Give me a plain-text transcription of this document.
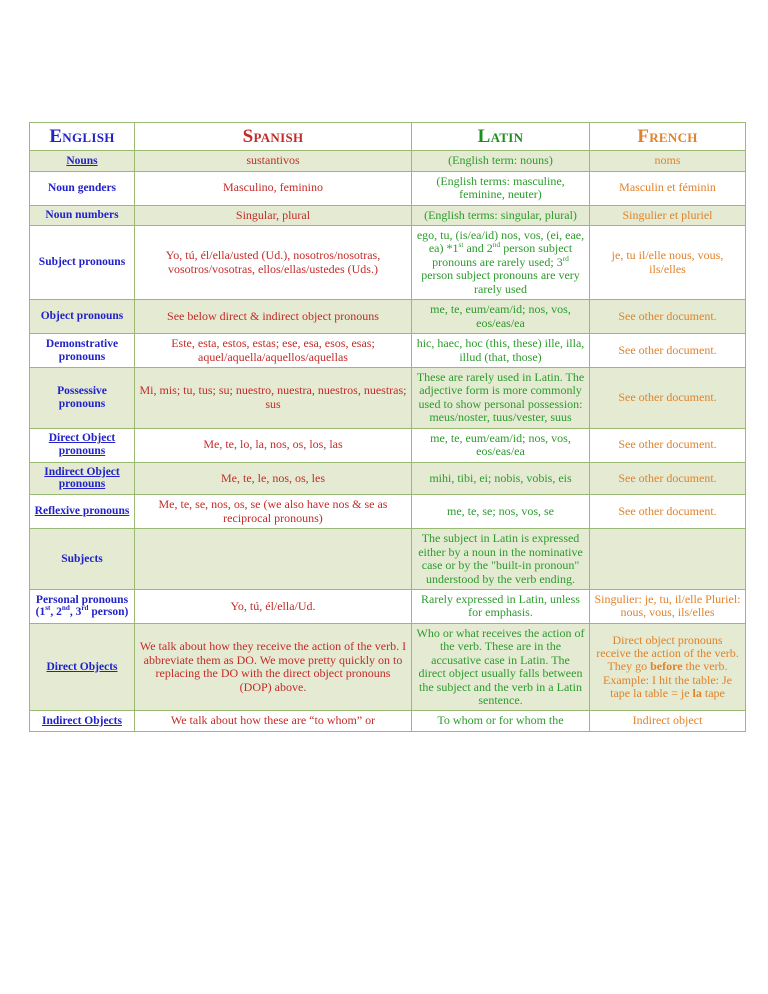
English	Spanish	Latin	French

Nouns	sustantivos	(English term: nouns)	noms

Noun genders	Masculino, feminino	(English terms: masculine, feminine, neuter)	Masculin et féminin

Noun numbers	Singular, plural	(English terms: singular, plural)	Singulier et pluriel

Subject pronouns	Yo, tú, él/ella/usted (Ud.), nosotros/nosotras, vosotros/vosotras, ellos/ellas/ustedes (Uds.)	ego, tu, (is/ea/id) nos, vos, (ei, eae, ea) *1st and 2nd person subject pronouns are rarely used; 3rd person subject pronouns are very rarely used	je, tu il/elle nous, vous, ils/elles

Object pronouns	See below direct & indirect object pronouns	me, te, eum/eam/id; nos, vos, eos/eas/ea	See other document.

Demonstrative pronouns	Este, esta, estos, estas; ese, esa, esos, esas; aquel/aquella/aquellos/aquellas	hic, haec, hoc (this, these) ille, illa, illud (that, those)	See other document.

Possessive pronouns	Mi, mis; tu, tus; su; nuestro, nuestra, nuestros, nuestras; sus	These are rarely used in Latin. The adjective form is more commonly used to show personal possession: meus/noster, tuus/vester, suus	See other document.

Direct Object pronouns	Me, te, lo, la, nos, os, los, las	me, te, eum/eam/id; nos, vos, eos/eas/ea	See other document.

Indirect Object pronouns	Me, te, le, nos, os, les	mihi, tibi, ei; nobis, vobis, eis	See other document.

Reflexive pronouns	Me, te, se, nos, os, se (we also have nos & se as reciprocal pronouns)	me, te, se; nos, vos, se	See other document.

Subjects		The subject in Latin is expressed either by a noun in the nominative case or by the "built-in pronoun" understood by the verb ending.	

Personal pronouns (1st, 2nd, 3rd person)	Yo, tú, él/ella/Ud.	Rarely expressed in Latin, unless for emphasis.	Singulier: je, tu, il/elle Pluriel: nous, vous, ils/elles

Direct Objects	We talk about how they receive the action of the verb. I abbreviate them as DO. We move pretty quickly on to replacing the DO with the direct object pronouns (DOP) above.	Who or what receives the action of the verb. These are in the accusative case in Latin. The direct object usually falls between the subject and the verb in a Latin sentence.	Direct object pronouns receive the action of the verb. They go before the verb. Example: I hit the table: Je tape la table = je la tape

Indirect Objects	We talk about how these are “to whom” or	To whom or for whom the	Indirect object
